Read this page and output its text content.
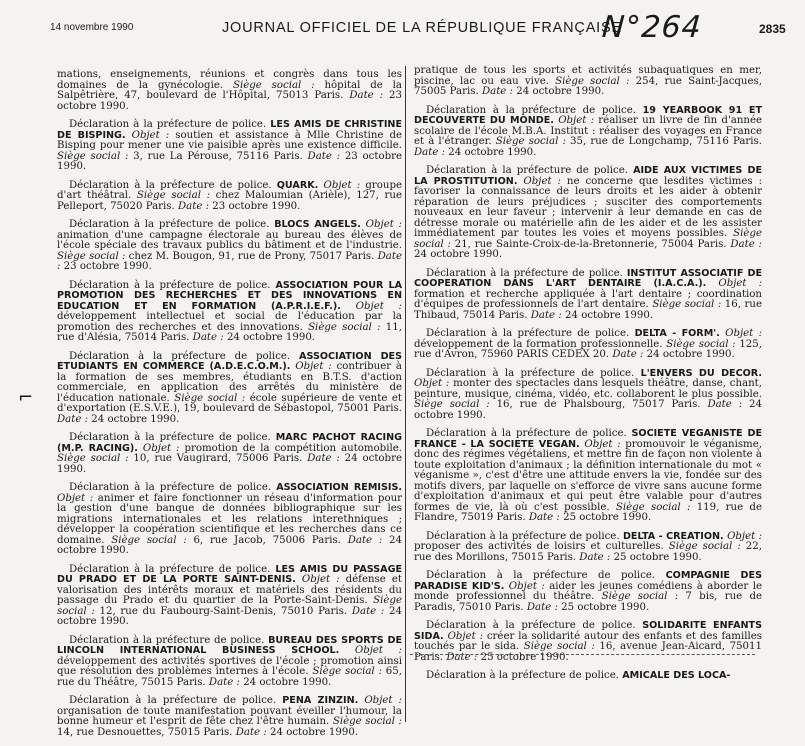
14 novembre 1990	JOURNAL OFFICIEL DE LA RÉPUBLIQUE FRANÇAISE
N°264	2835
⌐

mations, enseignements, réunions et congrès dans tous les domaines de la gynécologie. Siège social : hôpital de la Salpêtrière, 47, boulevard de l'Hôpital, 75013 Paris. Date : 23 octobre 1990.

Déclaration à la préfecture de police. LES AMIS DE CHRISTINE DE BISPING. Objet : soutien et assistance à Mlle Christine de Bisping pour mener une vie paisible après une existence difficile. Siège social : 3, rue La Pérouse, 75116 Paris. Date : 23 octobre 1990.

Déclaration à la préfecture de police. QUARK. Objet : groupe d'art théâtral. Siège social : chez Maloumian (Arièle), 127, rue Pelleport, 75020 Paris. Date : 23 octobre 1990.

Déclaration à la préfecture de police. BLOCS ANGELS. Objet : animation d'une campagne électorale au bureau des élèves de l'école spéciale des travaux publics du bâtiment et de l'industrie. Siège social : chez M. Bougon, 91, rue de Prony, 75017 Paris. Date : 23 octobre 1990.

Déclaration à la préfecture de police. ASSOCIATION POUR LA PROMOTION DES RECHERCHES ET DES INNOVATIONS EN EDUCATION ET EN FORMATION (A.P.R.I.E.F.). Objet : développement intellectuel et social de l'éducation par la promotion des recherches et des innovations. Siège social : 11, rue d'Alésia, 75014 Paris. Date : 24 octobre 1990.

Déclaration à la préfecture de police. ASSOCIATION DES ETUDIANTS EN COMMERCE (A.D.E.C.O.M.). Objet : contribuer à la formation de ses membres, étudiants en B.T.S. d'action commerciale, en application des arrêtés du ministère de l'éducation nationale. Siège social : école supérieure de vente et d'exportation (E.S.V.E.), 19, boulevard de Sébastopol, 75001 Paris. Date : 24 octobre 1990.

Déclaration à la préfecture de police. MARC PACHOT RACING (M.P. RACING). Objet : promotion de la compétition automobile. Siège social : 10, rue Vaugirard, 75006 Paris. Date : 24 octobre 1990.

Déclaration à la préfecture de police. ASSOCIATION REMISIS. Objet : animer et faire fonctionner un réseau d'information pour la gestion d'une banque de données bibliographique sur les migrations internationales et les relations interethniques ; développer la coopération scientifique et les recherches dans ce domaine. Siège social : 6, rue Jacob, 75006 Paris. Date : 24 octobre 1990.

Déclaration à la préfecture de police. LES AMIS DU PASSAGE DU PRADO ET DE LA PORTE SAINT-DENIS. Objet : défense et valorisation des intérêts moraux et matériels des résidents du passage du Prado et du quartier de la Porte-Saint-Denis. Siège social : 12, rue du Faubourg-Saint-Denis, 75010 Paris. Date : 24 octobre 1990.

Déclaration à la préfecture de police. BUREAU DES SPORTS DE LINCOLN INTERNATIONAL BUSINESS SCHOOL. Objet : développement des activités sportives de l'école ; promotion ainsi que résolution des problèmes internes à l'école. Siège social : 65, rue du Théâtre, 75015 Paris. Date : 24 octobre 1990.

Déclaration à la préfecture de police. PENA ZINZIN. Objet : organisation de toute manifestation pouvant éveiller l'humour, la bonne humeur et l'esprit de fête chez l'être humain. Siège social : 14, rue Desnouettes, 75015 Paris. Date : 24 octobre 1990.

pratique de tous les sports et activités subaquatiques en mer, piscine, lac ou eau vive. Siège social : 254, rue Saint-Jacques, 75005 Paris. Date : 24 octobre 1990.

Déclaration à la préfecture de police. 19 YEARBOOK 91 ET DECOUVERTE DU MONDE. Objet : réaliser un livre de fin d'année scolaire de l'école M.B.A. Institut : réaliser des voyages en France et à l'étranger. Siège social : 35, rue de Longchamp, 75116 Paris. Date : 24 octobre 1990.

Déclaration à la préfecture de police. AIDE AUX VICTIMES DE LA PROSTITUTION. Objet : ne concerne que lesdites victimes : favoriser la connaissance de leurs droits et les aider à obtenir réparation de leurs préjudices ; susciter des comportements nouveaux en leur faveur ; intervenir à leur demande en cas de détresse morale ou matérielle afin de les aider et de les assister immédiatement par toutes les voies et moyens possibles. Siège social : 21, rue Sainte-Croix-de-la-Bretonnerie, 75004 Paris. Date : 24 octobre 1990.

Déclaration à la préfecture de police. INSTITUT ASSOCIATIF DE COOPERATION DANS L'ART DENTAIRE (I.A.C.A.). Objet : formation et recherche appliquée à l'art dentaire ; coordination d'équipes de professionnels de l'art dentaire. Siège social : 16, rue Thibaud, 75014 Paris. Date : 24 octobre 1990.

Déclaration à la préfecture de police. DELTA - FORM'. Objet : développement de la formation professionnelle. Siège social : 125, rue d'Avron, 75960 PARIS CEDEX 20. Date : 24 octobre 1990.

Déclaration à la préfecture de police. L'ENVERS DU DECOR. Objet : monter des spectacles dans lesquels théâtre, danse, chant, peinture, musique, cinéma, vidéo, etc. collaborent le plus possible. Siège social : 16, rue de Phalsbourg, 75017 Paris. Date : 24 octobre 1990.

Déclaration à la préfecture de police. SOCIETE VEGANISTE DE FRANCE - LA SOCIETE VEGAN. Objet : promouvoir le véganisme, donc des régimes végétaliens, et mettre fin de façon non violente à toute exploitation d'animaux ; la définition internationale du mot « véganisme », c'est d'être une attitude envers la vie, fondée sur des motifs divers, par laquelle on s'efforce de vivre sans aucune forme d'exploitation d'animaux et qui peut être valable pour d'autres formes de vie, là où c'est possible. Siège social : 119, rue de Flandre, 75019 Paris. Date : 25 octobre 1990.

Déclaration à la préfecture de police. DELTA - CREATION. Objet : proposer des activités de loisirs et culturelles. Siège social : 22, rue des Morillons, 75015 Paris. Date : 25 octobre 1990.

Déclaration à la préfecture de police. COMPAGNIE DES PARADISE KID'S. Objet : aider les jeunes comédiens à aborder le monde professionnel du théâtre. Siège social : 7 bis, rue de Paradis, 75010 Paris. Date : 25 octobre 1990.

Déclaration à la préfecture de police. SOLIDARITE ENFANTS SIDA. Objet : créer la solidarité autour des enfants et des familles touchés par le sida. Siège social : 16, avenue Jean-Aicard, 75011 Paris. Date : 25 octobre 1990.

Déclaration à la préfecture de police. AMICALE DES LOCA-
